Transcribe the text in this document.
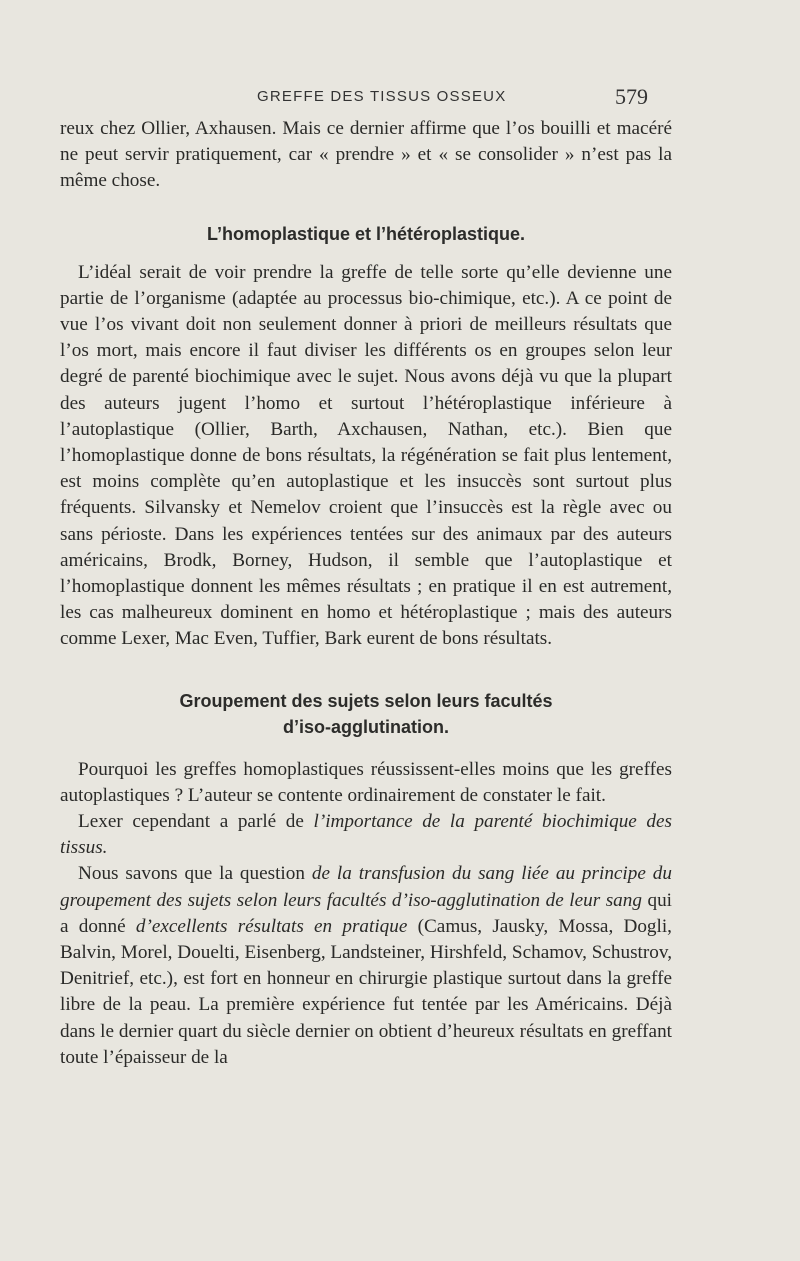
GREFFE DES TISSUS OSSEUX	579

reux chez Ollier, Axhausen. Mais ce dernier affirme que l’os bouilli et macéré ne peut servir pratiquement, car « prendre » et « se consolider » n’est pas la même chose.

L’homoplastique et l’hétéroplastique.

L’idéal serait de voir prendre la greffe de telle sorte qu’elle devienne une partie de l’organisme (adaptée au processus bio-chimique, etc.). A ce point de vue l’os vivant doit non seulement donner à priori de meilleurs résultats que l’os mort, mais encore il faut diviser les différents os en groupes selon leur degré de parenté biochimique avec le sujet. Nous avons déjà vu que la plupart des auteurs jugent l’homo et surtout l’hétéroplastique inférieure à l’autoplastique (Ollier, Barth, Axchausen, Nathan, etc.). Bien que l’homoplastique donne de bons résultats, la régénération se fait plus lentement, est moins complète qu’en autoplastique et les insuccès sont surtout plus fréquents. Silvansky et Nemelov croient que l’insuccès est la règle avec ou sans périoste. Dans les expériences tentées sur des animaux par des auteurs américains, Brodk, Borney, Hudson, il semble que l’autoplastique et l’homoplastique donnent les mêmes résultats ; en pratique il en est autrement, les cas malheureux dominent en homo et hétéroplastique ; mais des auteurs comme Lexer, Mac Even, Tuffier, Bark eurent de bons résultats.

Groupement des sujets selon leurs facultés
d’iso-agglutination.

Pourquoi les greffes homoplastiques réussissent-elles moins que les greffes autoplastiques ? L’auteur se contente ordinairement de constater le fait.

Lexer cependant a parlé de l’importance de la parenté biochimique des tissus.

Nous savons que la question de la transfusion du sang liée au principe du groupement des sujets selon leurs facultés d’iso-agglutination de leur sang qui a donné d’excellents résultats en pratique (Camus, Jausky, Mossa, Dogli, Balvin, Morel, Douelti, Eisenberg, Landsteiner, Hirshfeld, Schamov, Schustrov, Denitrief, etc.), est fort en honneur en chirurgie plastique surtout dans la greffe libre de la peau. La première expérience fut tentée par les Américains. Déjà dans le dernier quart du siècle dernier on obtient d’heureux résultats en greffant toute l’épaisseur de la
